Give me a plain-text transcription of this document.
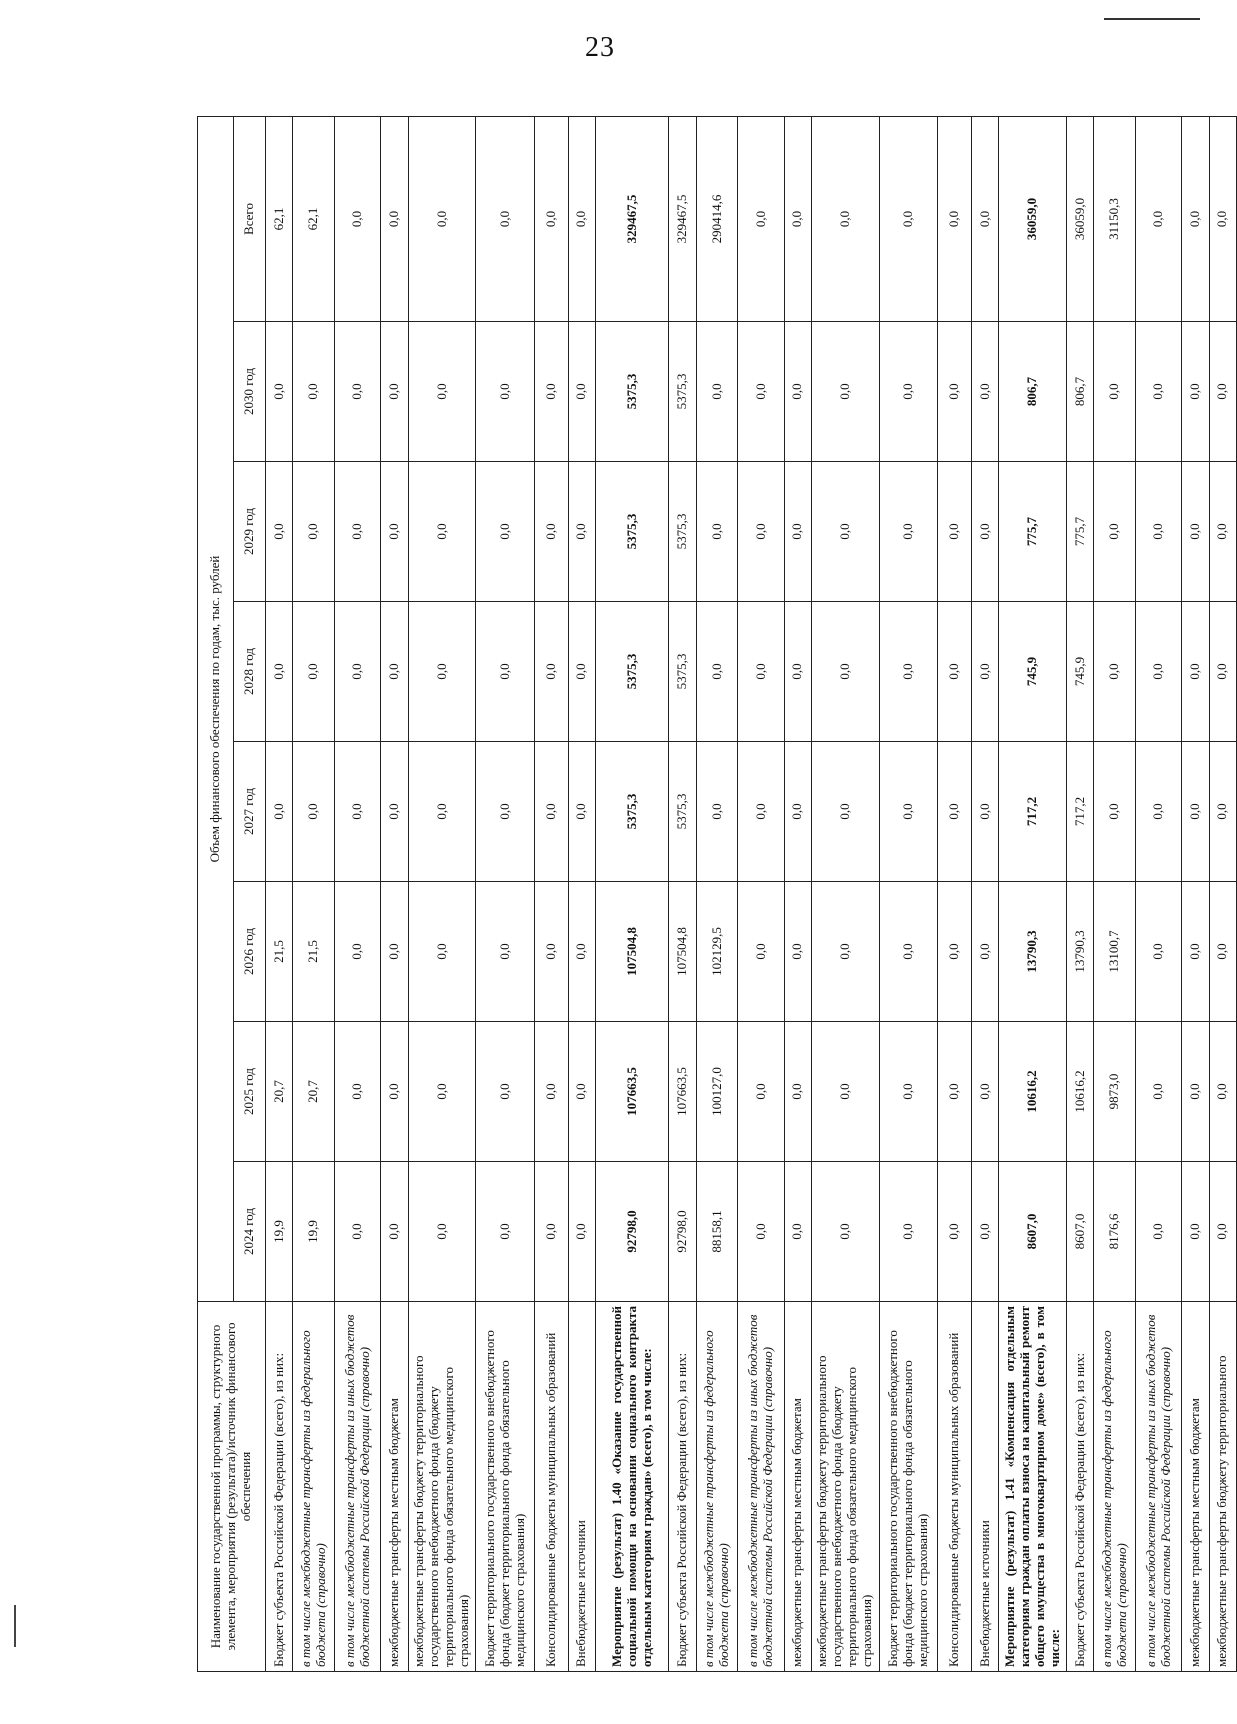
23
Наименование государственной программы, структурного элемента, мероприятия (результата)/источник финансового обеспечения	Объем финансового обеспечения по годам, тыс. рублей							
	2024 год	2025 год	2026 год	2027 год	2028 год	2029 год	2030 год	Всего
Бюджет субъекта Российской Федерации (всего), из них:	19,9	20,7	21,5	0,0	0,0	0,0	0,0	62,1
в том числе межбюджетные трансферты из федерального бюджета (справочно)	19,9	20,7	21,5	0,0	0,0	0,0	0,0	62,1
в том числе межбюджетные трансферты из иных бюджетов бюджетной системы Российской Федерации (справочно)	0,0	0,0	0,0	0,0	0,0	0,0	0,0	0,0
межбюджетные трансферты местным бюджетам	0,0	0,0	0,0	0,0	0,0	0,0	0,0	0,0
межбюджетные трансферты бюджету территориального государственного внебюджетного фонда (бюджету территориального фонда обязательного медицинского страхования)	0,0	0,0	0,0	0,0	0,0	0,0	0,0	0,0
Бюджет территориального государственного внебюджетного фонда (бюджет территориального фонда обязательного медицинского страхования)	0,0	0,0	0,0	0,0	0,0	0,0	0,0	0,0
Консолидированные бюджеты муниципальных образований	0,0	0,0	0,0	0,0	0,0	0,0	0,0	0,0
Внебюджетные источники	0,0	0,0	0,0	0,0	0,0	0,0	0,0	0,0
Мероприятие (результат) 1.40 «Оказание государственной социальной помощи на основании социального контракта отдельным категориям граждан» (всего), в том числе:	92798,0	107663,5	107504,8	5375,3	5375,3	5375,3	5375,3	329467,5
Бюджет субъекта Российской Федерации (всего), из них:	92798,0	107663,5	107504,8	5375,3	5375,3	5375,3	5375,3	329467,5
в том числе межбюджетные трансферты из федерального бюджета (справочно)	88158,1	100127,0	102129,5	0,0	0,0	0,0	0,0	290414,6
в том числе межбюджетные трансферты из иных бюджетов бюджетной системы Российской Федерации (справочно)	0,0	0,0	0,0	0,0	0,0	0,0	0,0	0,0
межбюджетные трансферты местным бюджетам	0,0	0,0	0,0	0,0	0,0	0,0	0,0	0,0
межбюджетные трансферты бюджету территориального государственного внебюджетного фонда (бюджету территориального фонда обязательного медицинского страхования)	0,0	0,0	0,0	0,0	0,0	0,0	0,0	0,0
Бюджет территориального государственного внебюджетного фонда (бюджет территориального фонда обязательного медицинского страхования)	0,0	0,0	0,0	0,0	0,0	0,0	0,0	0,0
Консолидированные бюджеты муниципальных образований	0,0	0,0	0,0	0,0	0,0	0,0	0,0	0,0
Внебюджетные источники	0,0	0,0	0,0	0,0	0,0	0,0	0,0	0,0
Мероприятие (результат) 1.41 «Компенсация отдельным категориям граждан оплаты взноса на капитальный ремонт общего имущества в многоквартирном доме» (всего), в том числе:	8607,0	10616,2	13790,3	717,2	745,9	775,7	806,7	36059,0
Бюджет субъекта Российской Федерации (всего), из них:	8607,0	10616,2	13790,3	717,2	745,9	775,7	806,7	36059,0
в том числе межбюджетные трансферты из федерального бюджета (справочно)	8176,6	9873,0	13100,7	0,0	0,0	0,0	0,0	31150,3
в том числе межбюджетные трансферты из иных бюджетов бюджетной системы Российской Федерации (справочно)	0,0	0,0	0,0	0,0	0,0	0,0	0,0	0,0
межбюджетные трансферты местным бюджетам	0,0	0,0	0,0	0,0	0,0	0,0	0,0	0,0
межбюджетные трансферты бюджету территориального	0,0	0,0	0,0	0,0	0,0	0,0	0,0	0,0
